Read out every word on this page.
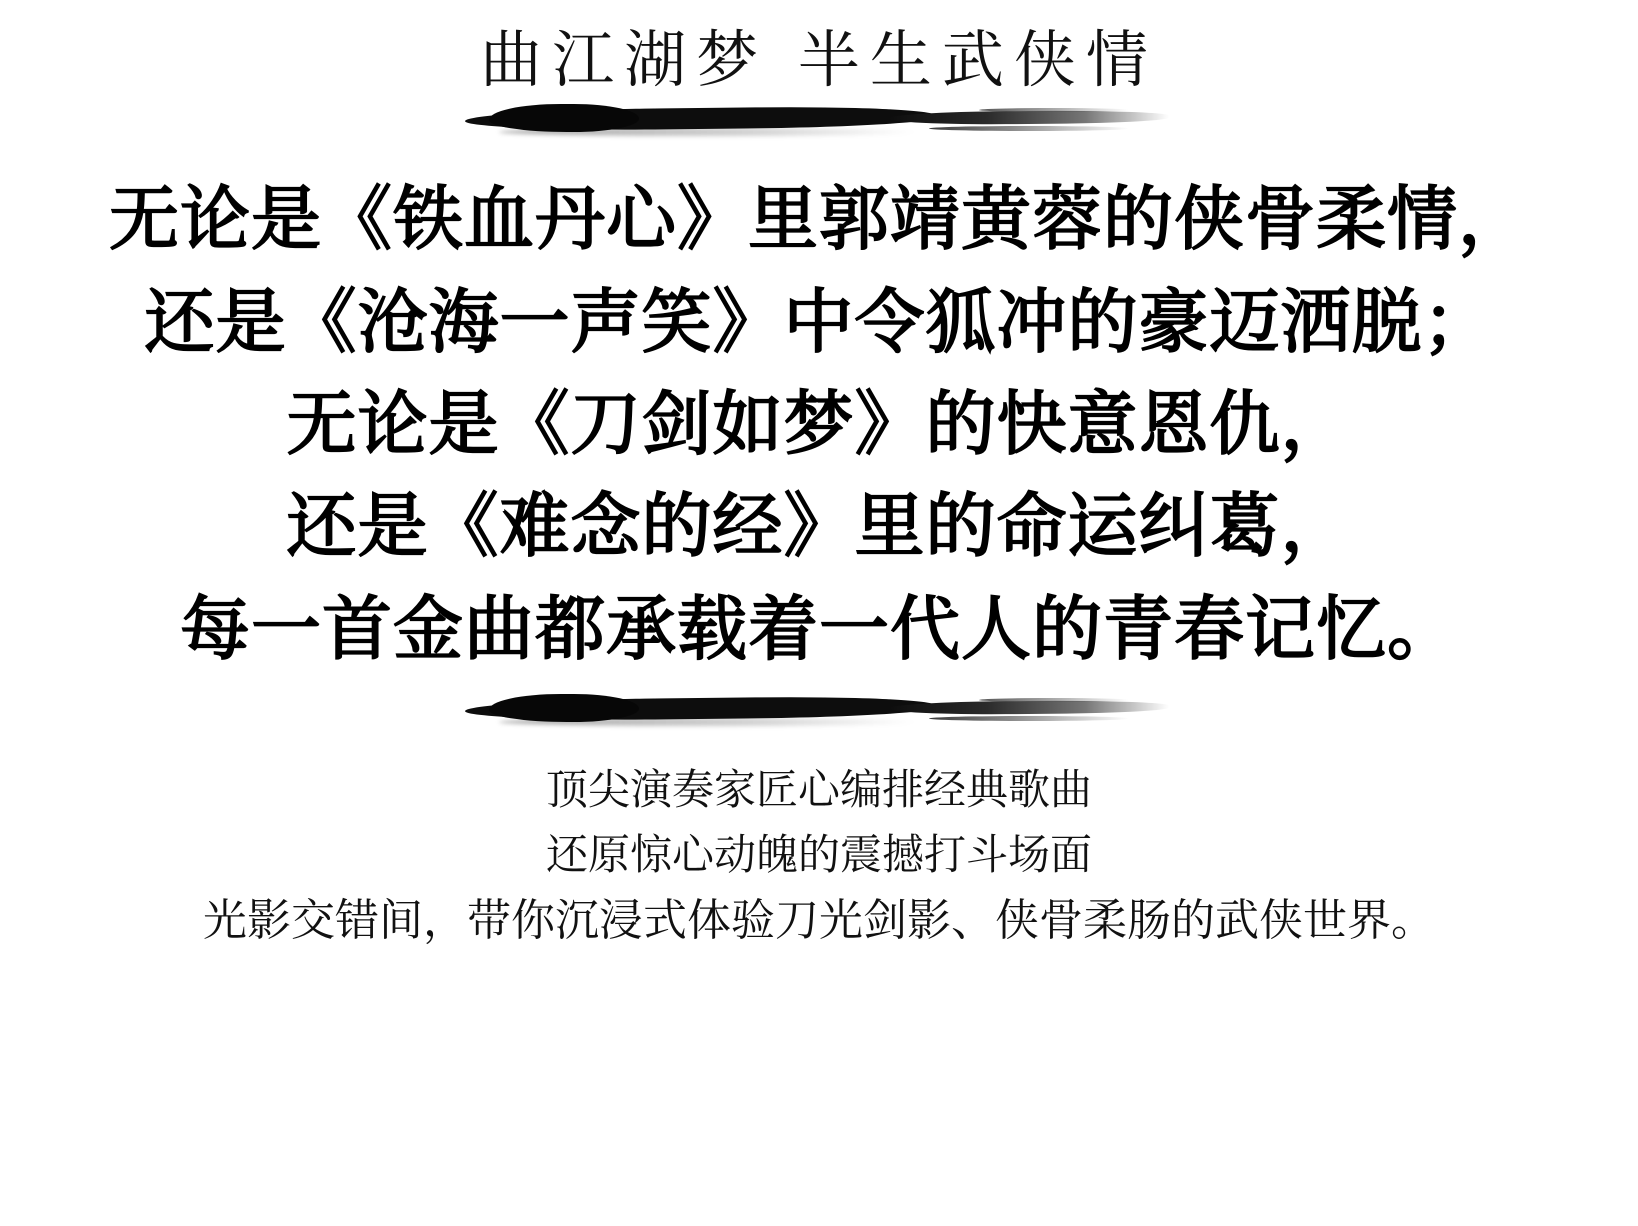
曲江湖梦 半生武侠情
无论是《铁血丹心》里郭靖黄蓉的侠骨柔情，
还是《沧海一声笑》中令狐冲的豪迈洒脱；
无论是《刀剑如梦》的快意恩仇，
还是《难念的经》里的命运纠葛，
每一首金曲都承载着一代人的青春记忆。
顶尖演奏家匠心编排经典歌曲
还原惊心动魄的震撼打斗场面
光影交错间，带你沉浸式体验刀光剑影、侠骨柔肠的武侠世界。
